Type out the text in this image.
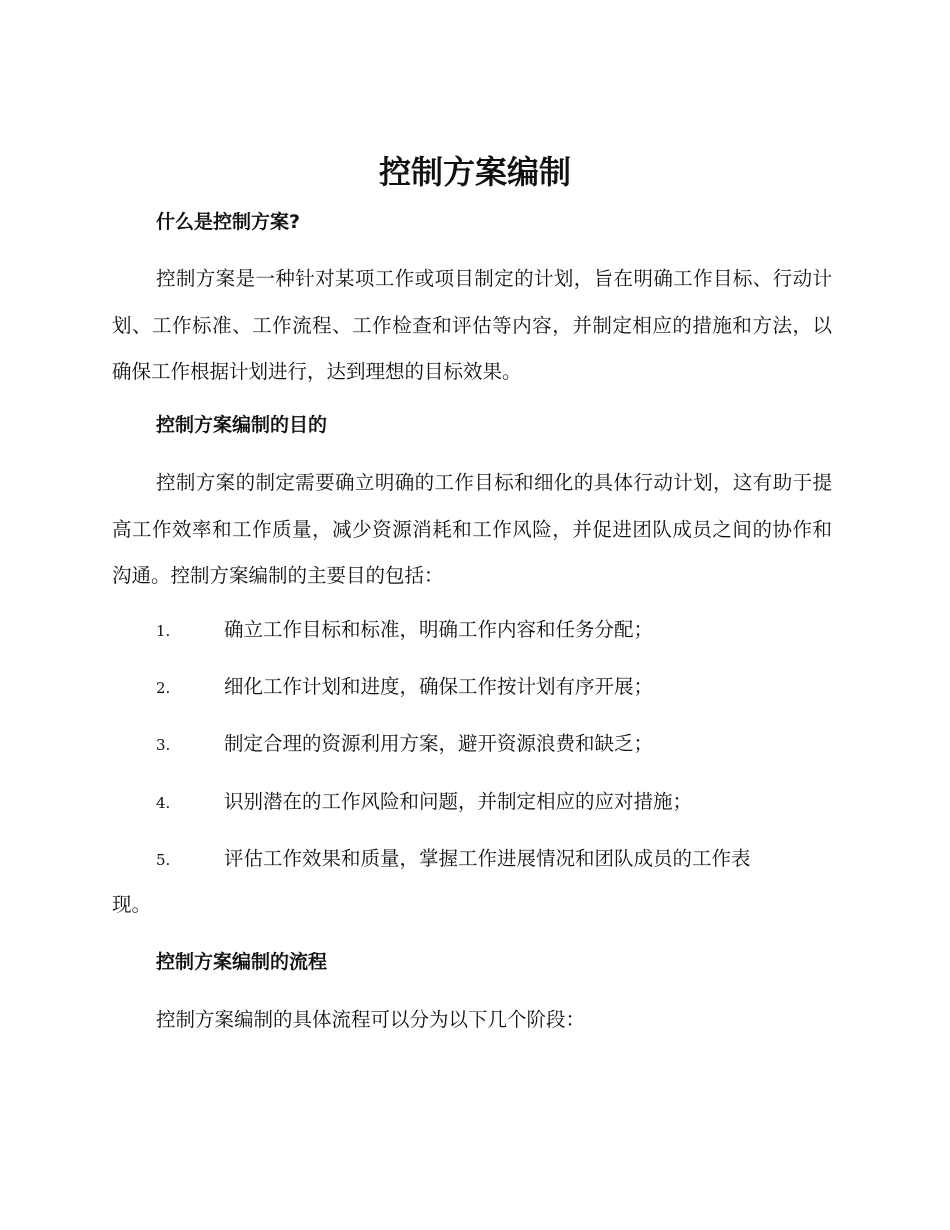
控制方案编制
什么是控制方案?

控制方案是一种针对某项工作或项目制定的计划，旨在明确工作目标、行动计划、工作标准、工作流程、工作检查和评估等内容，并制定相应的措施和方法，以确保工作根据计划进行，达到理想的目标效果。

控制方案编制的目的

控制方案的制定需要确立明确的工作目标和细化的具体行动计划，这有助于提高工作效率和工作质量，减少资源消耗和工作风险，并促进团队成员之间的协作和沟通。控制方案编制的主要目的包括：

1.	确立工作目标和标准，明确工作内容和任务分配；
2.	细化工作计划和进度，确保工作按计划有序开展；
3.	制定合理的资源利用方案，避开资源浪费和缺乏；
4.	识别潜在的工作风险和问题，并制定相应的应对措施；
5.	评估工作效果和质量，掌握工作进展情况和团队成员的工作表
现。
控制方案编制的流程

控制方案编制的具体流程可以分为以下几个阶段：
